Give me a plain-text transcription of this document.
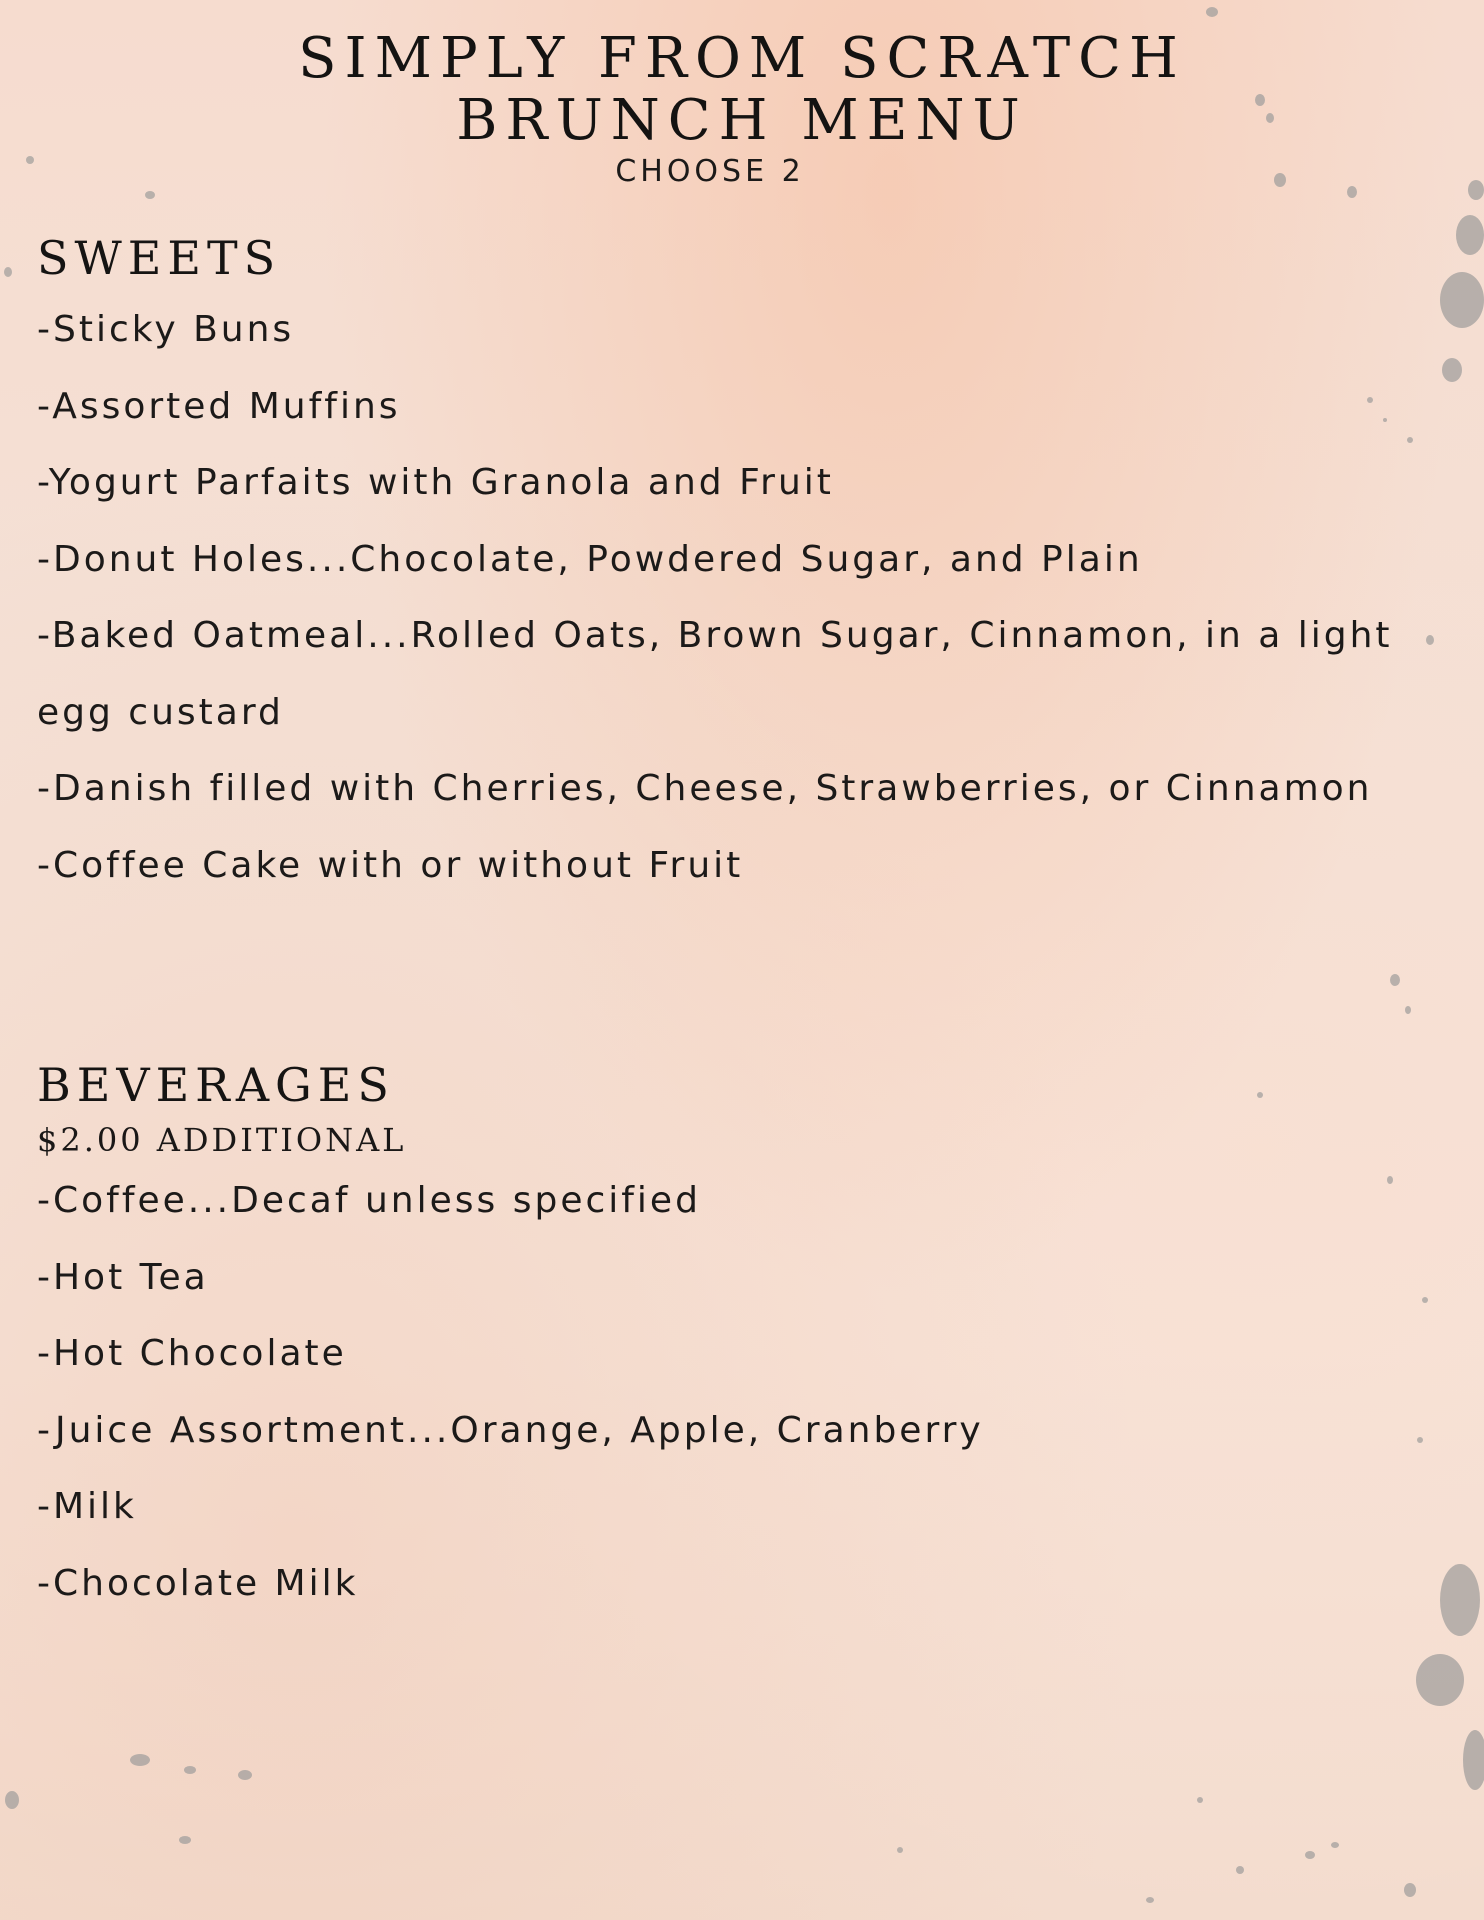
SIMPLY FROM SCRATCH
BRUNCH MENU
CHOOSE 2
SWEETS
-Sticky Buns
-Assorted Muffins
-Yogurt Parfaits with Granola and Fruit
-Donut Holes...Chocolate, Powdered Sugar, and Plain
-Baked Oatmeal...Rolled Oats, Brown Sugar, Cinnamon, in a light
egg custard
-Danish filled with Cherries, Cheese, Strawberries, or Cinnamon
-Coffee Cake with or without Fruit
BEVERAGES

$2.00 ADDITIONAL

-Coffee...Decaf unless specified
-Hot Tea
-Hot Chocolate
-Juice Assortment...Orange, Apple, Cranberry
-Milk
-Chocolate Milk
